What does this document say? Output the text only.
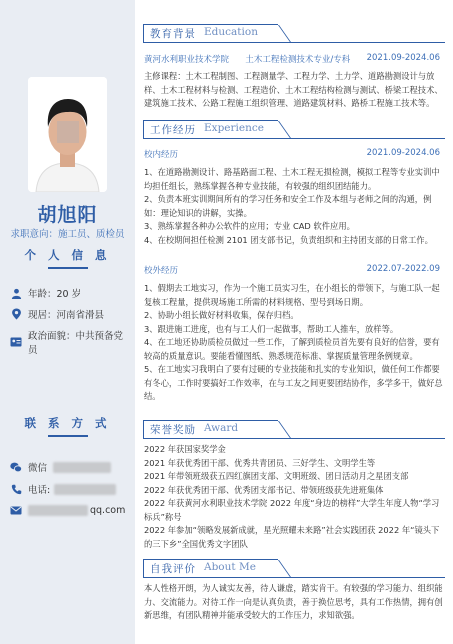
胡旭阳
求职意向：施工员、质检员
个 人 信 息
年龄：20 岁
现居：河南省滑县
政治面貌：中共预备党员
联 系 方 式
微信
电话:
qq.com
教育背景 Education
黄河水利职业技术学院 土木工程检测技术专业/专科 2021.09-2024.06
主修课程：土木工程制图、工程测量学、工程力学、土力学、道路勘测设计与放样、土木工程材料与检测、工程造价、土木工程结构检测与测试、桥梁工程技术、建筑施工技术、公路工程施工组织管理、道路建筑材料、路桥工程施工技术等。
工作经历 Experience
校内经历	2021.09-2024.06
1、在道路勘测设计、路基路面工程、土木工程无损检测，模拟工程等专业实训中均担任组长，熟练掌握各种专业技能，有较强的组织团结能力。
2、负责本班实训期间所有的学习任务和安全工作及本组与老师之间的沟通，例如：理论知识的讲解，实操。
3、熟练掌握各种办公软件的应用；专业 CAD 软件应用。
4、在校期间担任检测 2101 团支部书记，负责组织和主持团支部的日常工作。
校外经历	2022.07-2022.09
1、假期去工地实习，作为一个施工员实习生，在小组长的带领下，与施工队一起复核工程量，提供现场施工所需的材料规格、型号到场日期。
2、协助小组长做好材料收集，保存归档。
3、跟进施工进度，也有与工人们一起做事，帮助工人推车，放样等。
4、在工地还协助质检员做过一些工作，了解到质检员首先要有良好的信誉，要有较高的质量意识。要能看懂图纸、熟悉规范标准、掌握质量管理条例规章。
5、在工地实习我明白了要有过硬的专业技能和扎实的专业知识，做任何工作都要有冬心，工作时要搞好工作效率，在与工友之间更要团结协作，多学多干，做好总结。
荣誉奖励 Award
2022 年获国家奖学金
2021 年获优秀团干部、优秀共青团员、三好学生、文明学生等
2021 年带领班级获五四红旗团支部、文明班级、团日活动月之星团支部
2022 年获优秀团干部、优秀团支部书记、带领班级获先进班集体
2022 年获黄河水利职业技术学院 2022 年度“身边的榜样”大学生年度人物“学习标兵”称号
2022 年参加“领略发展新成就，星光照耀未来路”社会实践团获 2022 年“镜头下的三下乡”全国优秀文字团队
自我评价 About Me
本人性格开朗，为人诚实友善，待人谦虚，踏实肯干。有较强的学习能力、组织能力、交流能力。对待工作一向是认真负责，善于换位思考，具有工作热情，拥有创新思维，有团队精神并能承受较大的工作压力，求知欲强。
